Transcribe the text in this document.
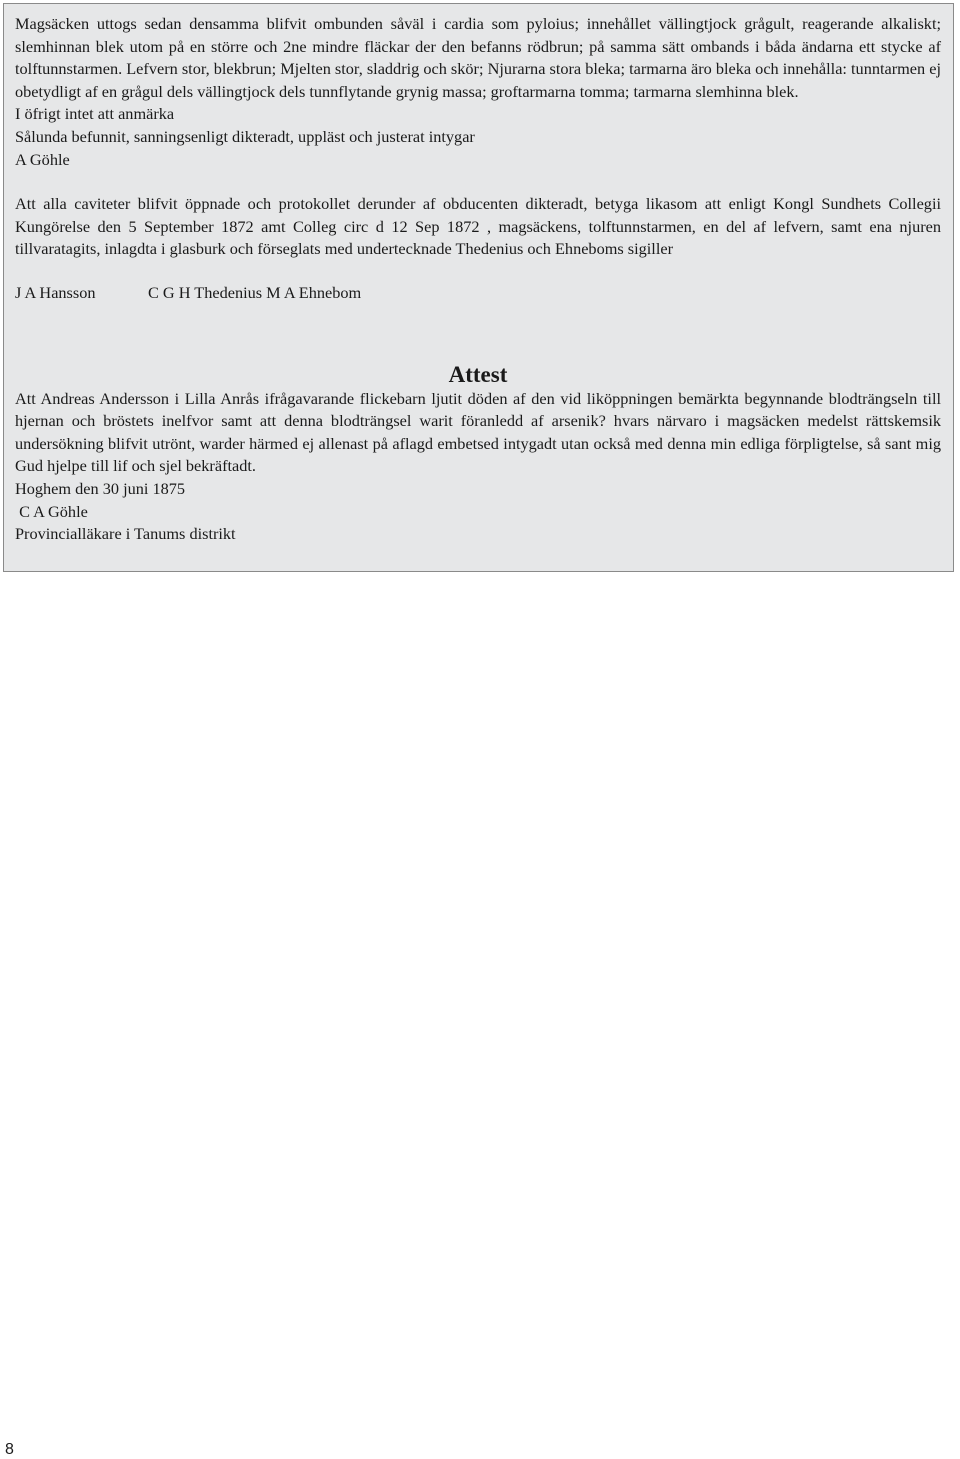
Magsäcken uttogs sedan densamma blifvit ombunden såväl i cardia som pyloius; innehållet vällingtjock grågult, reagerande alkaliskt; slemhinnan blek utom på en större och 2ne mindre fläckar der den befanns rödbrun; på samma sätt ombands i båda ändarna ett stycke af tolftunnstarmen. Lefvern stor, blekbrun; Mjelten stor, sladdrig och skör; Njurarna stora bleka; tarmarna äro bleka och innehålla: tunntarmen ej obetydligt af en grågul dels vällingtjock dels tunnflytande grynig massa; groftarmarna tomma; tarmarna slemhinna blek.

I öfrigt intet att anmärka

Sålunda befunnit, sanningsenligt dikteradt, uppläst och justerat intygar

A Göhle

Att alla caviteter blifvit öppnade och protokollet derunder af obducenten dikteradt, betyga likasom att enligt Kongl Sundhets Collegii Kungörelse den 5 September 1872 amt Colleg circ d 12 Sep 1872 , magsäckens, tolftunnstarmen, en del af lefvern, samt ena njuren tillvaratagits, inlagdta i glasburk och förseglats med undertecknade Thedenius och Ehneboms sigiller

J A Hansson	C G H Thedenius M A Ehnebom

Attest

Att Andreas Andersson i Lilla Anrås ifrågavarande flickebarn ljutit döden af den vid liköppningen bemärkta begynnande blodträngseln till hjernan och bröstets inelfvor samt att denna blodträngsel warit föranledd af arsenik? hvars närvaro i magsäcken medelst rättskemsik undersökning blifvit utrönt, warder härmed ej allenast på aflagd embetsed intygadt utan också med denna min edliga förpligtelse, så sant mig Gud hjelpe till lif och sjel bekräftadt.

Hoghem den 30 juni 1875

C A Göhle

Provincialläkare i Tanums distrikt

8
